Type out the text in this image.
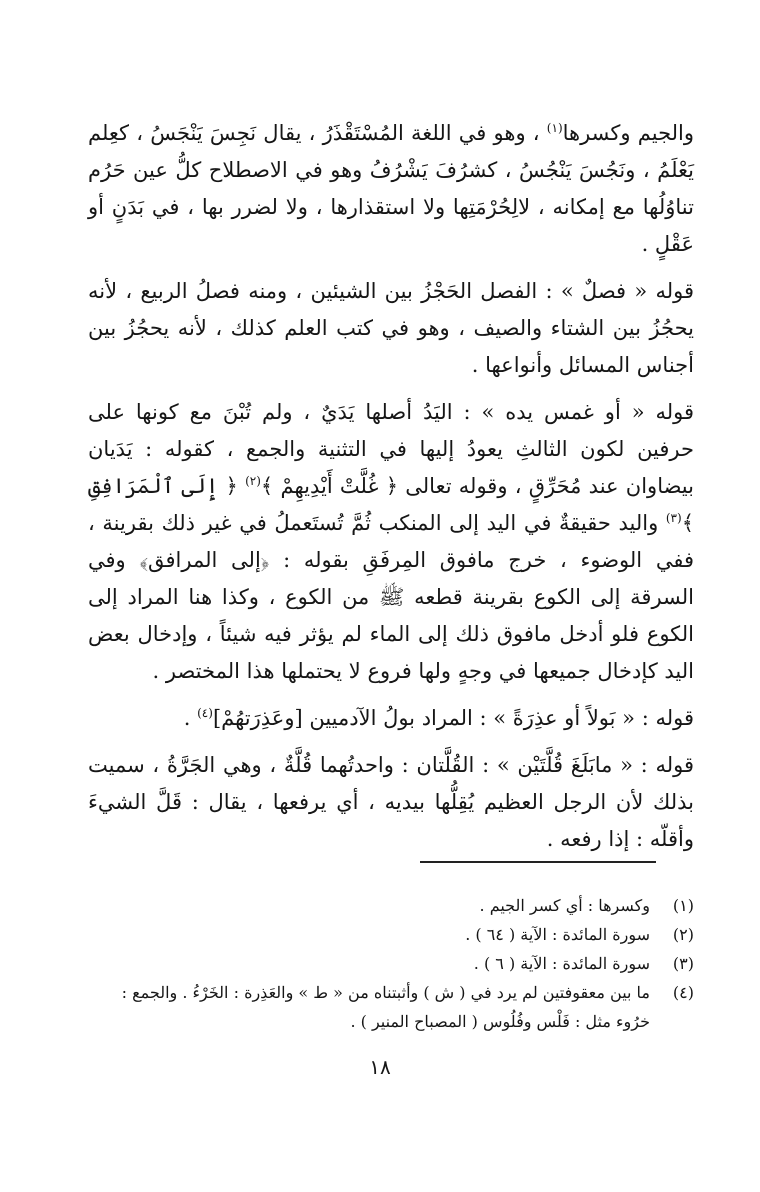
والجيم وكسرها$^{(١)}$ ، وهو في اللغة المُسْتَقْذَرُ ، يقال نَجِسَ يَنْجَسُ ، كعِلم يَعْلَمُ ، ونَجُسَ يَنْجُسُ ، كشرُفَ يَشْرُفُ وهو في الاصطلاح كلُّ عين حَرُم تناوُلُها مع إمكانه ، لالِحُرْمَتِها ولا استقذارها ، ولا لضرر بها ، في بَدَنٍ أو عَقْلٍ .

قوله « فصلٌ » : الفصل الحَجْزُ بين الشيئين ، ومنه فصلُ الربيع ، لأنه يحجُزُ بين الشتاء والصيف ، وهو في كتب العلم كذلك ، لأنه يحجُزُ بين أجناس المسائل وأنواعها .

قوله « أو غمس يده » : اليَدُ أصلها يَدَيٌ ، ولم تُبْنَ مع كونها على حرفين لكون الثالثِ يعودُ إليها في التثنية والجمع ، كقوله : يَدَيان بيضاوان عند مُحَرِّقٍ ، وقوله تعالى ﴿ غُلَّتْ أَيْدِيهِمْ ﴾$^{(٢)}$ ﴿ إِلَى ٱلْمَرَافِقِ ﴾$^{(٣)}$ واليد حقيقةٌ في اليد إلى المنكب ثُمَّ تُستَعملُ في غير ذلك بقرينة ، ففي الوضوء ، خرج مافوق المِرفَقِ بقوله : ﴿إلى المرافق﴾ وفي السرقة إلى الكوع بقرينة قطعه ﷺ من الكوع ، وكذا هنا المراد إلى الكوع فلو أدخل مافوق ذلك إلى الماء لم يؤثر فيه شيئاً ، وإدخال بعض اليد كإدخال جميعها في وجهٍ ولها فروع لا يحتملها هذا المختصر .

قوله : « بَولاً أو عذِرَةً » : المراد بولُ الآدميين [وعَذِرَتهُمْ]$^{(٤)}$ .

قوله : « مابَلَغَ قُلَّتَيْن » : القُلَّتان : واحدتُهما قُلَّةٌ ، وهي الجَرَّةُ ، سميت بذلك لأن الرجل العظيم يُقِلُّها بيديه ، أي يرفعها ، يقال : قَلَّ الشيءَ وأقلّه : إذا رفعه .

(١)
وكسرها : أي كسر الجيم .
(٢)
سورة المائدة : الآية ( ٦٤ ) .
(٣)
سورة المائدة : الآية ( ٦ ) .
(٤)
ما بين معقوفتين لم يرد في ( ش ) وأثبتناه من « ط » والعَذِرة : الخَرْءُ . والجمع : خرُوء مثل : فَلْس وفُلُوس ( المصباح المنير ) .
١٨
